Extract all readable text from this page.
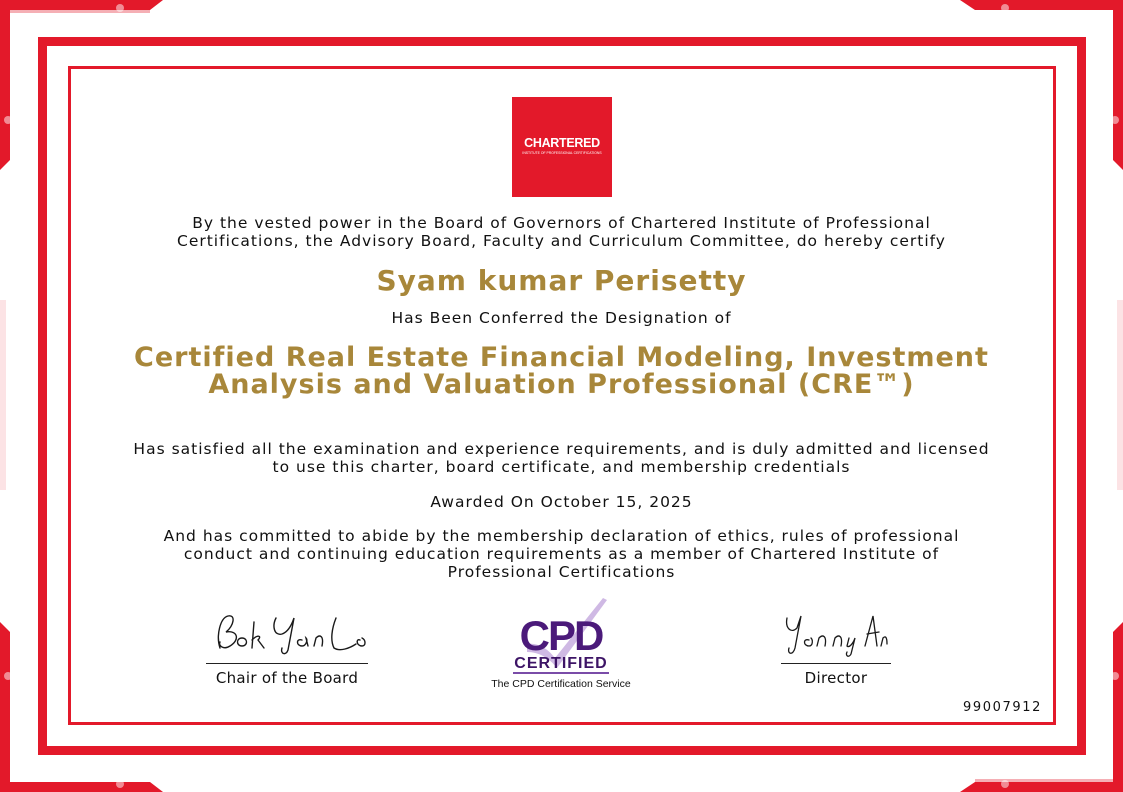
CHARTERED
INSTITUTE OF PROFESSIONAL CERTIFICATIONS

By the vested power in the Board of Governors of Chartered Institute of Professional Certifications, the Advisory Board, Faculty and Curriculum Committee, do hereby certify

Syam kumar Perisetty

Has Been Conferred the Designation of

Certified Real Estate Financial Modeling, Investment Analysis and Valuation Professional (CRE™)

Has satisfied all the examination and experience requirements, and is duly admitted and licensed to use this charter, board certificate, and membership credentials

Awarded On October 15, 2025

And has committed to abide by the membership declaration of ethics, rules of professional conduct and continuing education requirements as a member of Chartered Institute of Professional Certifications

Chair of the Board

CPD
CERTIFIED
The CPD Certification Service	Director

99007912
